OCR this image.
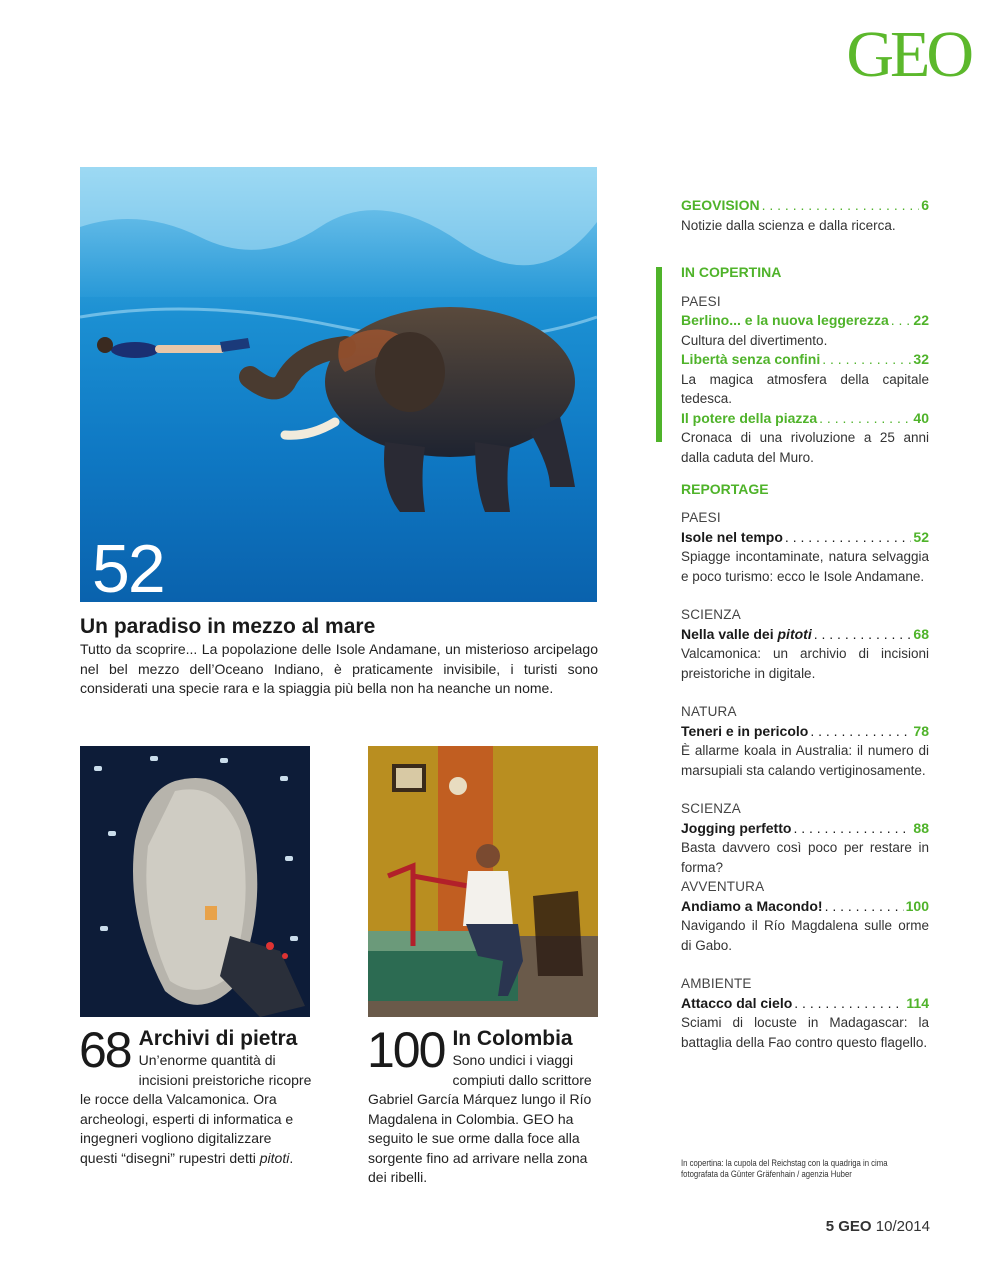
GEO
52
Un paradiso in mezzo al mare
Tutto da scoprire... La popolazione delle Isole Andamane, un misterioso arcipelago nel bel mezzo dell’Oceano Indiano, è praticamente invisibile, i turisti sono considerati una specie rara e la spiaggia più bella non ha neanche un nome.
68 Archivi di pietra
Un’enorme quantità di incisioni preistoriche ricopre le rocce della Valcamonica. Ora archeologi, esperti di informatica e ingegneri vogliono digitalizzare questi “disegni” rupestri detti pitoti.
100 In Colombia
Sono undici i viaggi compiuti dallo scrittore Gabriel García Márquez lungo il Río Magdalena in Colombia. GEO ha seguito le sue orme dalla foce alla sorgente fino ad arrivare nella zona dei ribelli.
GEOVISION . . .	6
Notizie dalla scienza e dalla ricerca.
IN COPERTINA
PAESI
Berlino... e la nuova leggerezza . . . 22
Cultura del divertimento.
Libertà senza confini . . .	32
La magica atmosfera della capitale tedesca.
Il potere della piazza . . .	40
Cronaca di una rivoluzione a 25 anni dalla caduta del Muro.
REPORTAGE
PAESI
Isole nel tempo . . .	52
Spiagge incontaminate, natura selvaggia e poco turismo: ecco le Isole Andamane.
SCIENZA
Nella valle dei pitoti . . .	68
Valcamonica: un archivio di incisioni preistoriche in digitale.
NATURA
Teneri e in pericolo . . .	78
È allarme koala in Australia: il numero di marsupiali sta calando vertiginosamente.
SCIENZA
Jogging perfetto . . .	88
Basta davvero così poco per restare in forma?
AVVENTURA
Andiamo a Macondo! . . .	100
Navigando il Río Magdalena sulle orme di Gabo.
AMBIENTE
Attacco dal cielo . . .	114
Sciami di locuste in Madagascar: la battaglia della Fao contro questo flagello.
In copertina: la cupola del Reichstag con la quadriga in cima fotografata da Günter Gräfenhain / agenzia Huber
5 GEO 10/2014
